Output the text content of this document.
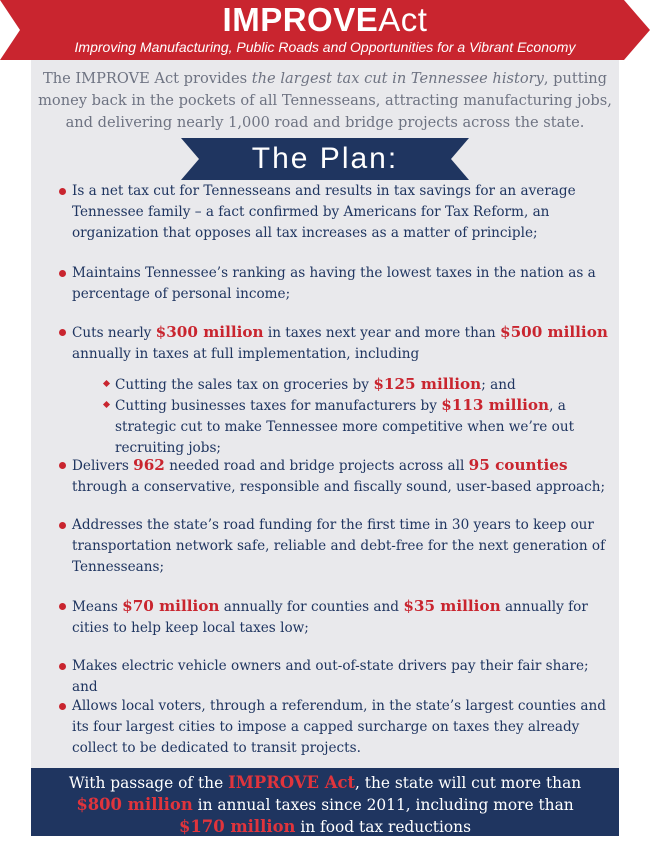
IMPROVEAct
Improving Manufacturing, Public Roads and Opportunities for a Vibrant Economy
The IMPROVE Act provides the largest tax cut in Tennessee history, putting money back in the pockets of all Tennesseans, attracting manufacturing jobs, and delivering nearly 1,000 road and bridge projects across the state.
The Plan:
Is a net tax cut for Tennesseans and results in tax savings for an average Tennessee family – a fact confirmed by Americans for Tax Reform, an organization that opposes all tax increases as a matter of principle;
Maintains Tennessee’s ranking as having the lowest taxes in the nation as a percentage of personal income;
Cuts nearly $300 million in taxes next year and more than $500 million annually in taxes at full implementation, including
Cutting the sales tax on groceries by $125 million; and
Cutting businesses taxes for manufacturers by $113 million, a strategic cut to make Tennessee more competitive when we’re out recruiting jobs;
Delivers 962 needed road and bridge projects across all 95 counties through a conservative, responsible and fiscally sound, user-based approach;
Addresses the state’s road funding for the first time in 30 years to keep our transportation network safe, reliable and debt-free for the next generation of Tennesseans;
Means $70 million annually for counties and $35 million annually for cities to help keep local taxes low;
Makes electric vehicle owners and out-of-state drivers pay their fair share; and
Allows local voters, through a referendum, in the state’s largest counties and its four largest cities to impose a capped surcharge on taxes they already collect to be dedicated to transit projects.
With passage of the IMPROVE Act, the state will cut more than
$800 million in annual taxes since 2011, including more than
$170 million in food tax reductions
